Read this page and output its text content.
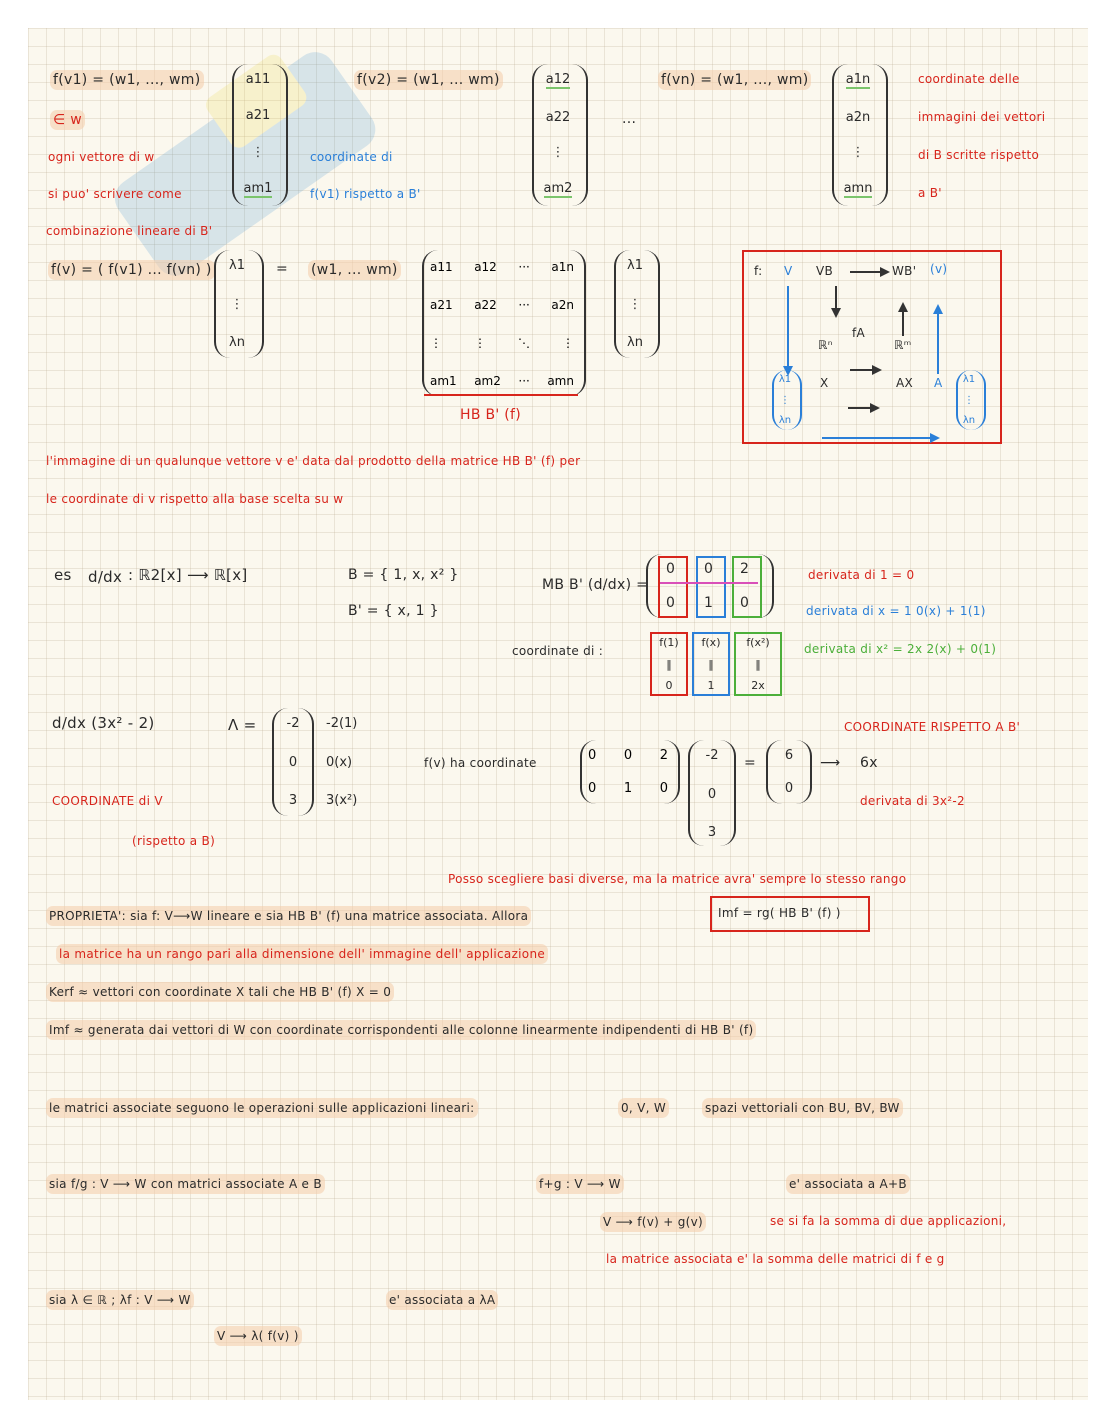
f(v1) = (w1, ..., wm)
∈ w
ogni vettore di w
si puo' scrivere come
combinazione lineare di B'
a11
a21
⋮
am1
coordinate di
f(v1) rispetto a B'
f(v2) = (w1, ... wm)	a12
a22
⋮
am2
...
f(vn) = (w1, ..., wm)	a1n
a2n
⋮
amn
coordinate delle
immagini dei vettori
di B scritte rispetto
a B'
f(v) = ( f(v1) ... f(vn) ) λ1
⋮
λn
= (w1, ... wm)	a11 a12 ··· a1n
a21 a22 ··· a2n
⋮	⋮	⋱	⋮
am1 am2 ··· amn
HB B' (f)
λ1
⋮
λn
f: V VB	WB' (v)
ℝⁿ
fA
ℝᵐ
X	AX A
λ1
⋮
λn
λ1
⋮
λn
l'immagine di un qualunque vettore v e' data dal prodotto della matrice HB B' (f) per
le coordinate di v rispetto alla base scelta su w
es d/dx : ℝ2[x] ⟶ ℝ[x]	B = { 1, x, x² }
B' = { x, 1 }
MB B' (d/dx) =
0 0 2
0 1 0
derivata di 1 = 0
derivata di x = 1 0(x) + 1(1)
derivata di x² = 2x 2(x) + 0(1)
coordinate di :
f(1)
‖
0
f(x)
‖
1
f(x²)
‖
2x
d/dx (3x² - 2)	Λ = -2
0
3
-2(1)
0(x)
3(x²)
COORDINATE di V
(rispetto a B)
f(v) ha coordinate	0 0 2
0 1 0
-2
0
3
= 6
0
⟶ 6x
COORDINATE RISPETTO A B'
derivata di 3x²-2
Posso scegliere basi diverse, ma la matrice avra' sempre lo stesso rango
PROPRIETA': sia f: V⟶W lineare e sia HB B' (f) una matrice associata. Allora	Imf = rg( HB B' (f) )
la matrice ha un rango pari alla dimensione dell' immagine dell' applicazione
Kerf ≈ vettori con coordinate X tali che HB B' (f) X = 0
Imf ≈ generata dai vettori di W con coordinate corrispondenti alle colonne linearmente indipendenti di HB B' (f)
le matrici associate seguono le operazioni sulle applicazioni lineari:	0, V, W	spazi vettoriali con BU, BV, BW
sia f/g : V ⟶ W con matrici associate A e B	f+g : V ⟶ W	e' associata a A+B
V ⟶ f(v) + g(v)	se si fa la somma di due applicazioni,
la matrice associata e' la somma delle matrici di f e g
sia λ ∈ ℝ ; λf : V ⟶ W	e' associata a λA
V ⟶ λ( f(v) )
